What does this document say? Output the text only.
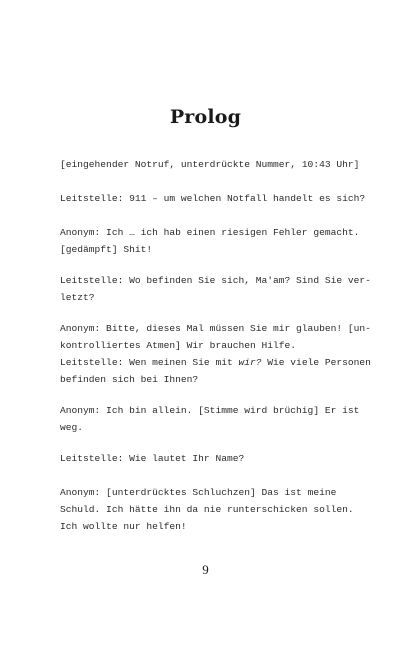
Prolog

[eingehender Notruf, unterdrückte Nummer, 10:43 Uhr]

Leitstelle: 911 – um welchen Notfall handelt es sich?

Anonym: Ich … ich hab einen riesigen Fehler gemacht.
[gedämpft] Shit!

Leitstelle: Wo befinden Sie sich, Ma'am? Sind Sie ver-
letzt?

Anonym: Bitte, dieses Mal müssen Sie mir glauben! [un-
kontrolliertes Atmen] Wir brauchen Hilfe.

Leitstelle: Wen meinen Sie mit wir? Wie viele Personen
befinden sich bei Ihnen?

Anonym: Ich bin allein. [Stimme wird brüchig] Er ist
weg.

Leitstelle: Wie lautet Ihr Name?

Anonym: [unterdrücktes Schluchzen] Das ist meine
Schuld. Ich hätte ihn da nie runterschicken sollen.
Ich wollte nur helfen!

9
